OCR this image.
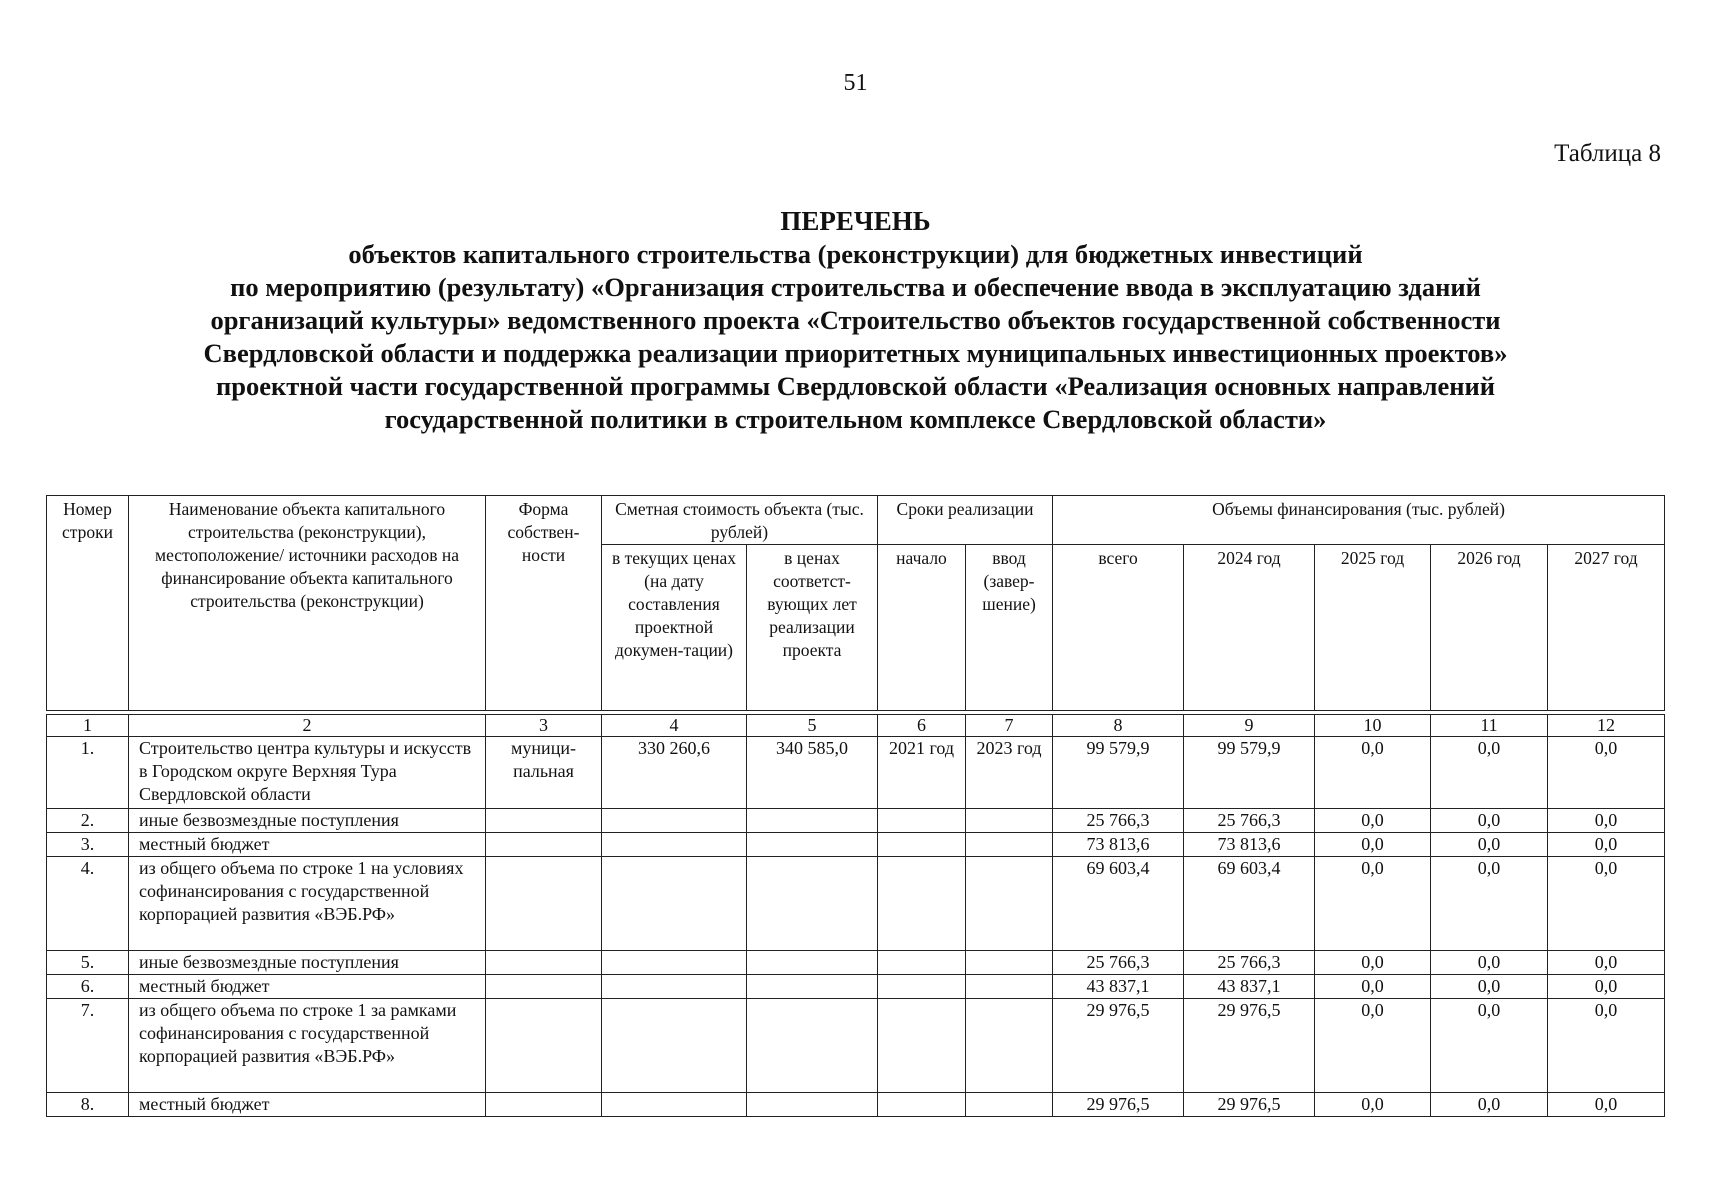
51
Таблица 8
ПЕРЕЧЕНЬ
объектов капитального строительства (реконструкции) для бюджетных инвестиций
по мероприятию (результату) «Организация строительства и обеспечение ввода в эксплуатацию зданий
организаций культуры» ведомственного проекта «Строительство объектов государственной собственности
Свердловской области и поддержка реализации приоритетных муниципальных инвестиционных проектов»
проектной части государственной программы Свердловской области «Реализация основных направлений
государственной политики в строительном комплексе Свердловской области»
Номер строки	Наименование объекта капитального строительства (реконструкции), местоположение/ источники расходов на финансирование объекта капитального строительства (реконструкции)	Форма собствен-ности	Сметная стоимость объекта (тыс. рублей)		Сроки реализации		Объемы финансирования (тыс. рублей)				
			в текущих ценах (на дату составления проектной докумен-тации)	в ценах соответст-вующих лет реализации проекта	начало	ввод (завер-шение)	всего	2024 год	2025 год	2026 год	2027 год
1	2	3	4	5	6	7	8	9	10	11	12
1.	Строительство центра культуры и искусств в Городском округе Верхняя Тура Свердловской области	муници-пальная	330 260,6	340 585,0	2021 год	2023 год	99 579,9	99 579,9	0,0	0,0	0,0
2.	иные безвозмездные поступления						25 766,3	25 766,3	0,0	0,0	0,0
3.	местный бюджет						73 813,6	73 813,6	0,0	0,0	0,0
4.	из общего объема по строке 1 на условиях софинансирования с государственной корпорацией развития «ВЭБ.РФ»						69 603,4	69 603,4	0,0	0,0	0,0
5.	иные безвозмездные поступления						25 766,3	25 766,3	0,0	0,0	0,0
6.	местный бюджет						43 837,1	43 837,1	0,0	0,0	0,0
7.	из общего объема по строке 1 за рамками софинансирования с государственной корпорацией развития «ВЭБ.РФ»						29 976,5	29 976,5	0,0	0,0	0,0
8.	местный бюджет						29 976,5	29 976,5	0,0	0,0	0,0
